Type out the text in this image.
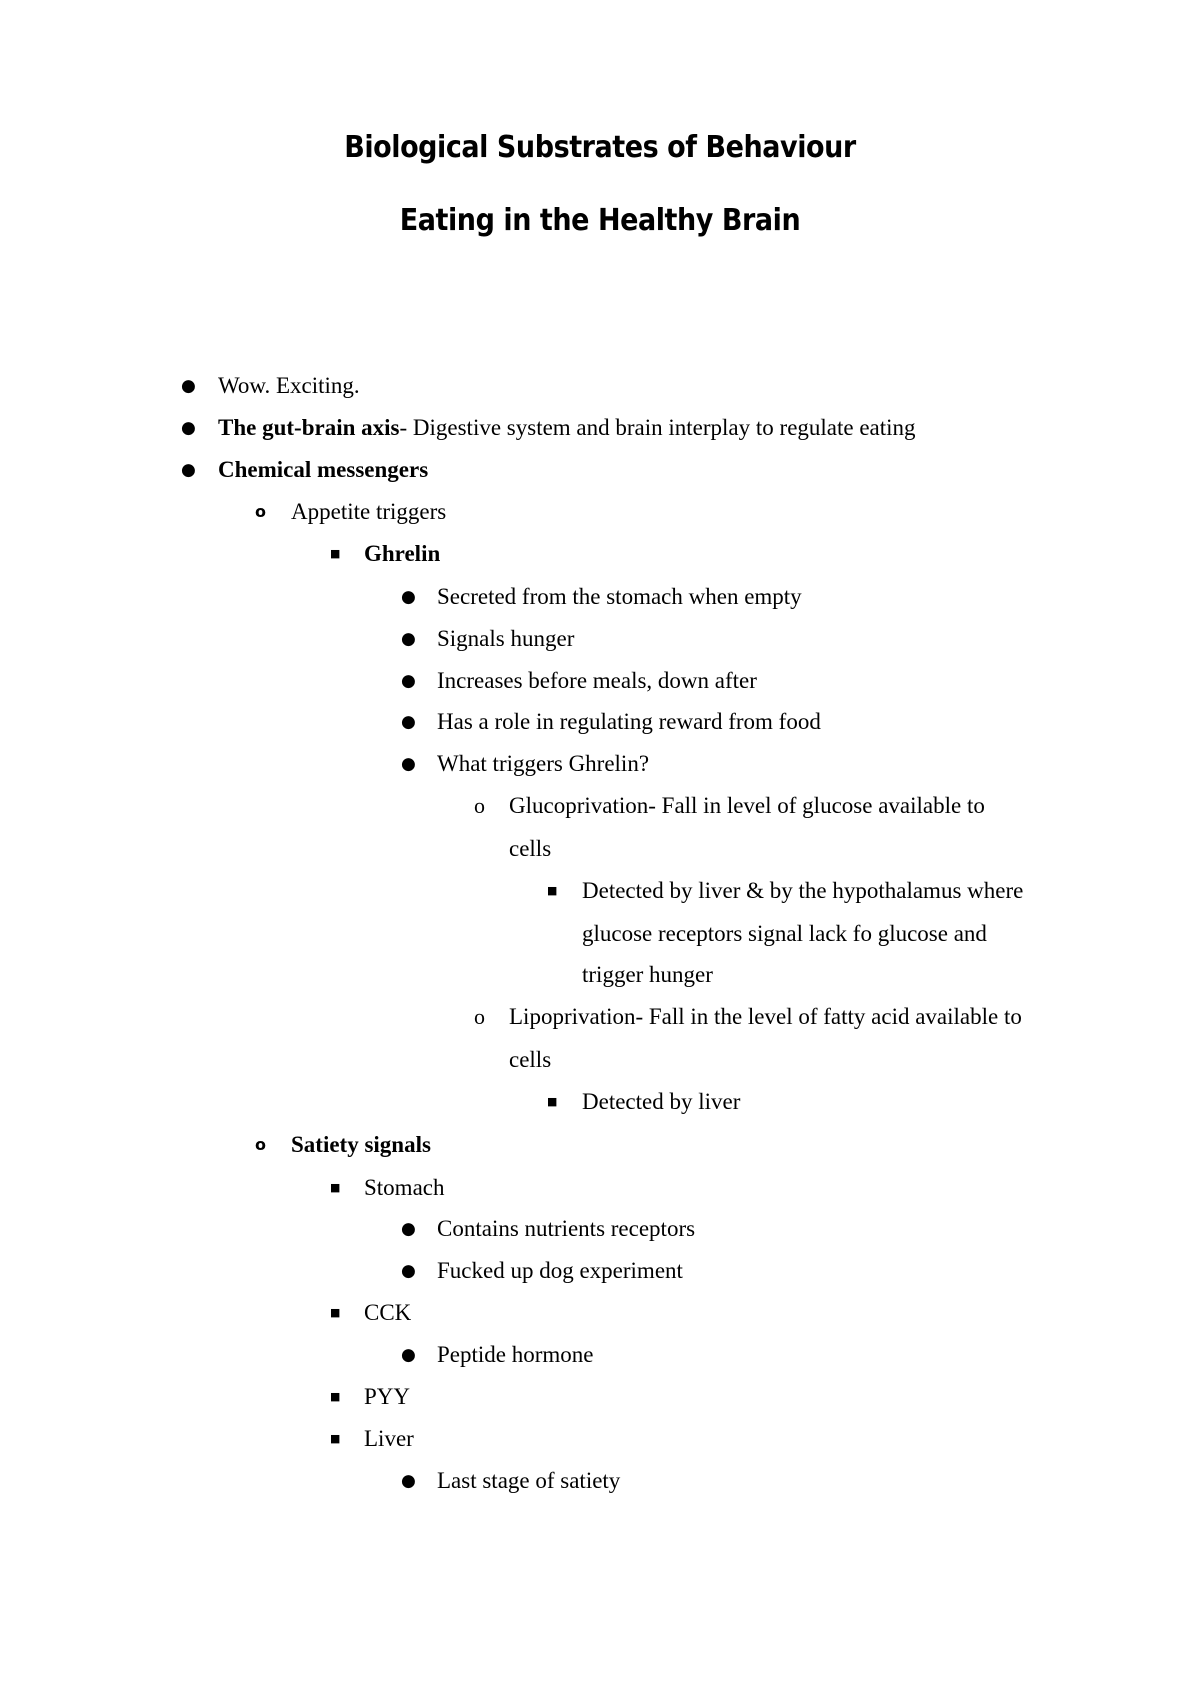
Biological Substrates of Behaviour
Eating in the Healthy Brain
● Wow. Exciting.
● The gut-brain axis- Digestive system and brain interplay to regulate eating
● Chemical messengers
o Appetite triggers
■ Ghrelin
● Secreted from the stomach when empty
● Signals hunger
● Increases before meals, down after
● Has a role in regulating reward from food
● What triggers Ghrelin?
o Glucoprivation- Fall in level of glucose available to
cells
■ Detected by liver & by the hypothalamus where
glucose receptors signal lack fo glucose and
trigger hunger
o Lipoprivation- Fall in the level of fatty acid available to
cells
■ Detected by liver
o Satiety signals
■ Stomach
● Contains nutrients receptors
● Fucked up dog experiment
■ CCK
● Peptide hormone
■ PYY
■ Liver
● Last stage of satiety
